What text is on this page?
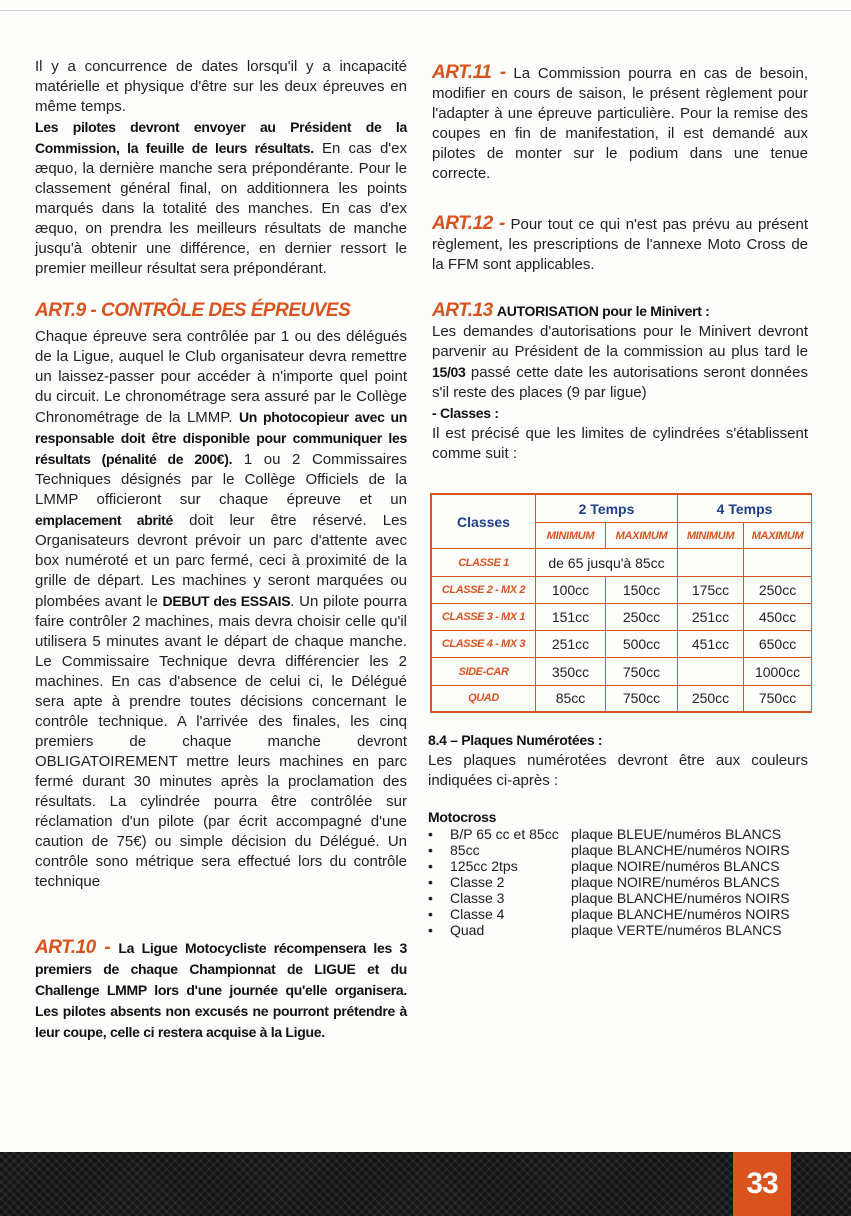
Il y a concurrence de dates lorsqu'il y a incapacité matérielle et physique d'être sur les deux épreuves en même temps.
Les pilotes devront envoyer au Président de la Commission, la feuille de leurs résultats. En cas d'ex æquo, la dernière manche sera prépondérante. Pour le classement général final, on additionnera les points marqués dans la totalité des manches. En cas d'ex æquo, on prendra les meilleurs résultats de manche jusqu'à obtenir une différence, en dernier ressort le premier meilleur résultat sera prépondérant.

ART.9 - CONTRÔLE DES ÉPREUVES

Chaque épreuve sera contrôlée par 1 ou des délégués de la Ligue, auquel le Club organisateur devra remettre un laissez-passer pour accéder à n'importe quel point du circuit. Le chronométrage sera assuré par le Collège Chronométrage de la LMMP. Un photocopieur avec un responsable doit être disponible pour communiquer les résultats (pénalité de 200€). 1 ou 2 Commissaires Techniques désignés par le Collège Officiels de la LMMP officieront sur chaque épreuve et un emplacement abrité doit leur être réservé. Les Organisateurs devront prévoir un parc d'attente avec box numéroté et un parc fermé, ceci à proximité de la grille de départ. Les machines y seront marquées ou plombées avant le DEBUT des ESSAIS. Un pilote pourra faire contrôler 2 machines, mais devra choisir celle qu'il utilisera 5 minutes avant le départ de chaque manche. Le Commissaire Technique devra différencier les 2 machines. En cas d'absence de celui ci, le Délégué sera apte à prendre toutes décisions concernant le contrôle technique. A l'arrivée des finales, les cinq premiers de chaque manche devront OBLIGATOIREMENT mettre leurs machines en parc fermé durant 30 minutes après la proclamation des résultats. La cylindrée pourra être contrôlée sur réclamation d'un pilote (par écrit accompagné d'une caution de 75€) ou simple décision du Délégué. Un contrôle sono métrique sera effectué lors du contrôle technique

ART.10 - La Ligue Motocycliste récompensera les 3 premiers de chaque Championnat de LIGUE et du Challenge LMMP lors d'une journée qu'elle organisera. Les pilotes absents non excusés ne pourront prétendre à leur coupe, celle ci restera acquise à la Ligue.

ART.11 - La Commission pourra en cas de besoin, modifier en cours de saison, le présent règlement pour l'adapter à une épreuve particulière. Pour la remise des coupes en fin de manifestation, il est demandé aux pilotes de monter sur le podium dans une tenue correcte.

ART.12 - Pour tout ce qui n'est pas prévu au présent règlement, les prescriptions de l'annexe Moto Cross de la FFM sont applicables.

ART.13 AUTORISATION pour le Minivert :
Les demandes d'autorisations pour le Minivert devront parvenir au Président de la commission au plus tard le 15/03 passé cette date les autorisations seront données s'il reste des places (9 par ligue)
- Classes :
Il est précisé que les limites de cylindrées s'établissent comme suit :

Classes	2 Temps		4 Temps	
	MINIMUM	MAXIMUM	MINIMUM	MAXIMUM
CLASSE 1	de 65 jusqu'à 85cc			
CLASSE 2 - MX 2	100cc	150cc	175cc	250cc
CLASSE 3 - MX 1	151cc	250cc	251cc	450cc
CLASSE 4 - MX 3	251cc	500cc	451cc	650cc
SIDE-CAR	350cc	750cc		1000cc
QUAD	85cc	750cc	250cc	750cc

8.4 – Plaques Numérotées :
Les plaques numérotées devront être aux couleurs indiquées ci-après :

Motocross
• B/P 65 cc et 85cc plaque BLEUE/numéros BLANCS
• 85cc	plaque BLANCHE/numéros NOIRS
• 125cc 2tps	plaque NOIRE/numéros BLANCS
• Classe 2	plaque NOIRE/numéros BLANCS
• Classe 3	plaque BLANCHE/numéros NOIRS
• Classe 4	plaque BLANCHE/numéros NOIRS
• Quad	plaque VERTE/numéros BLANCS
33
